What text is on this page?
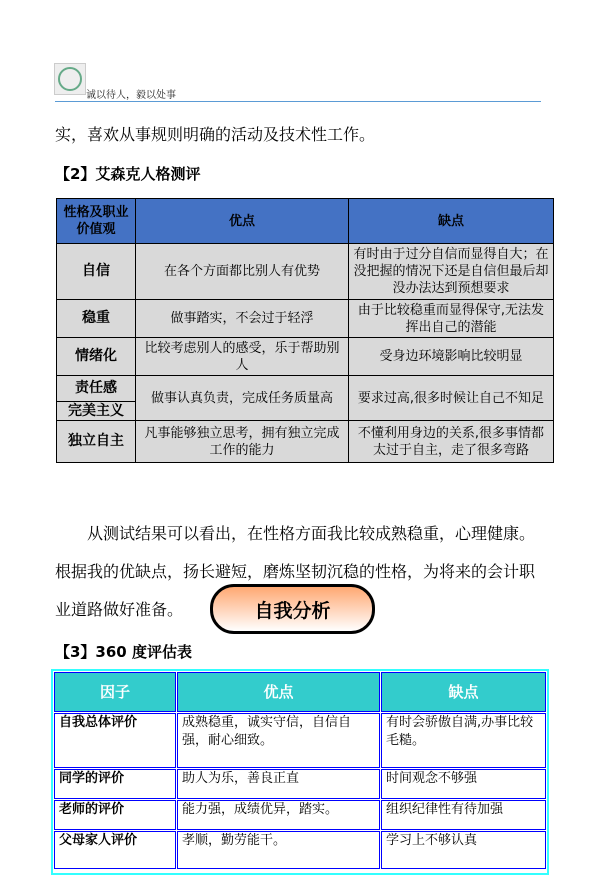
诚以待人，毅以处事
实，喜欢从事规则明确的活动及技术性工作。
【2】艾森克人格测评
性格及职业价值观	优点	缺点
自信	在各个方面都比别人有优势	有时由于过分自信而显得自大；在没把握的情况下还是自信但最后却没办法达到预想要求
稳重	做事踏实，不会过于轻浮	由于比较稳重而显得保守,无法发挥出自己的潜能
情绪化	比较考虑别人的感受，乐于帮助别人	受身边环境影响比较明显
责任感	做事认真负责，完成任务质量高	要求过高,很多时候让自己不知足
完美主义		
独立自主	凡事能够独立思考，拥有独立完成工作的能力	不懂利用身边的关系,很多事情都太过于自主，走了很多弯路
从测试结果可以看出，在性格方面我比较成熟稳重，心理健康。根据我的优缺点，扬长避短，磨炼坚韧沉稳的性格，为将来的会计职业道路做好准备。	自我分析
【3】360 度评估表
因子	优点	缺点
自我总体评价	成熟稳重，诚实守信，自信自强，耐心细致。	有时会骄傲自满,办事比较毛糙。
同学的评价	助人为乐，善良正直	时间观念不够强
老师的评价	能力强，成绩优异，踏实。	组织纪律性有待加强
父母家人评价	孝顺，勤劳能干。	学习上不够认真
